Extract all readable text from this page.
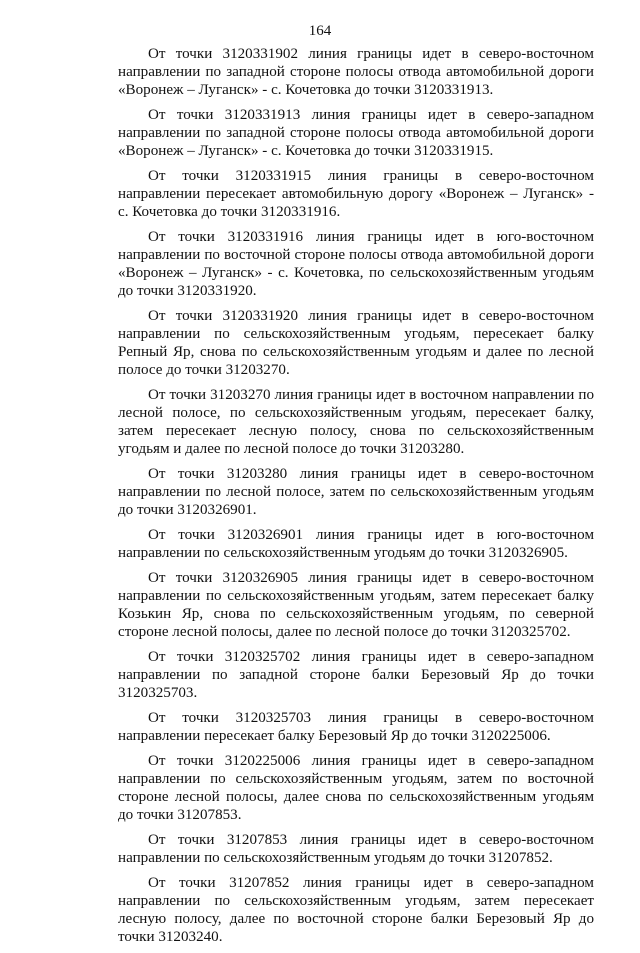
164

От точки 3120331902 линия границы идет в северо-восточном направлении по западной стороне полосы отвода автомобильной дороги «Воронеж – Луганск» - с. Кочетовка до точки 3120331913.

От точки 3120331913 линия границы идет в северо-западном направлении по западной стороне полосы отвода автомобильной дороги «Воронеж – Луганск» - с. Кочетовка до точки 3120331915.

От точки 3120331915 линия границы в северо-восточном направлении пересекает автомобильную дорогу «Воронеж – Луганск» - с. Кочетовка до точки 3120331916.

От точки 3120331916 линия границы идет в юго-восточном направлении по восточной стороне полосы отвода автомобильной дороги «Воронеж – Луганск» - с. Кочетовка, по сельскохозяйственным угодьям до точки 3120331920.

От точки 3120331920 линия границы идет в северо-восточном направлении по сельскохозяйственным угодьям, пересекает балку Репный Яр, снова по сельскохозяйственным угодьям и далее по лесной полосе до точки 31203270.

От точки 31203270 линия границы идет в восточном направлении по лесной полосе, по сельскохозяйственным угодьям, пересекает балку, затем пересекает лесную полосу, снова по сельскохозяйственным угодьям и далее по лесной полосе до точки 31203280.

От точки 31203280 линия границы идет в северо-восточном направлении по лесной полосе, затем по сельскохозяйственным угодьям до точки 3120326901.

От точки 3120326901 линия границы идет в юго-восточном направлении по сельскохозяйственным угодьям до точки 3120326905.

От точки 3120326905 линия границы идет в северо-восточном направлении по сельскохозяйственным угодьям, затем пересекает балку Козькин Яр, снова по сельскохозяйственным угодьям, по северной стороне лесной полосы, далее по лесной полосе до точки 3120325702.

От точки 3120325702 линия границы идет в северо-западном направлении по западной стороне балки Березовый Яр до точки 3120325703.

От точки 3120325703 линия границы в северо-восточном направлении пересекает балку Березовый Яр до точки 3120225006.

От точки 3120225006 линия границы идет в северо-западном направлении по сельскохозяйственным угодьям, затем по восточной стороне лесной полосы, далее снова по сельскохозяйственным угодьям до точки 31207853.

От точки 31207853 линия границы идет в северо-восточном направлении по сельскохозяйственным угодьям до точки 31207852.

От точки 31207852 линия границы идет в северо-западном направлении по сельскохозяйственным угодьям, затем пересекает лесную полосу, далее по восточной стороне балки Березовый Яр до точки 31203240.
